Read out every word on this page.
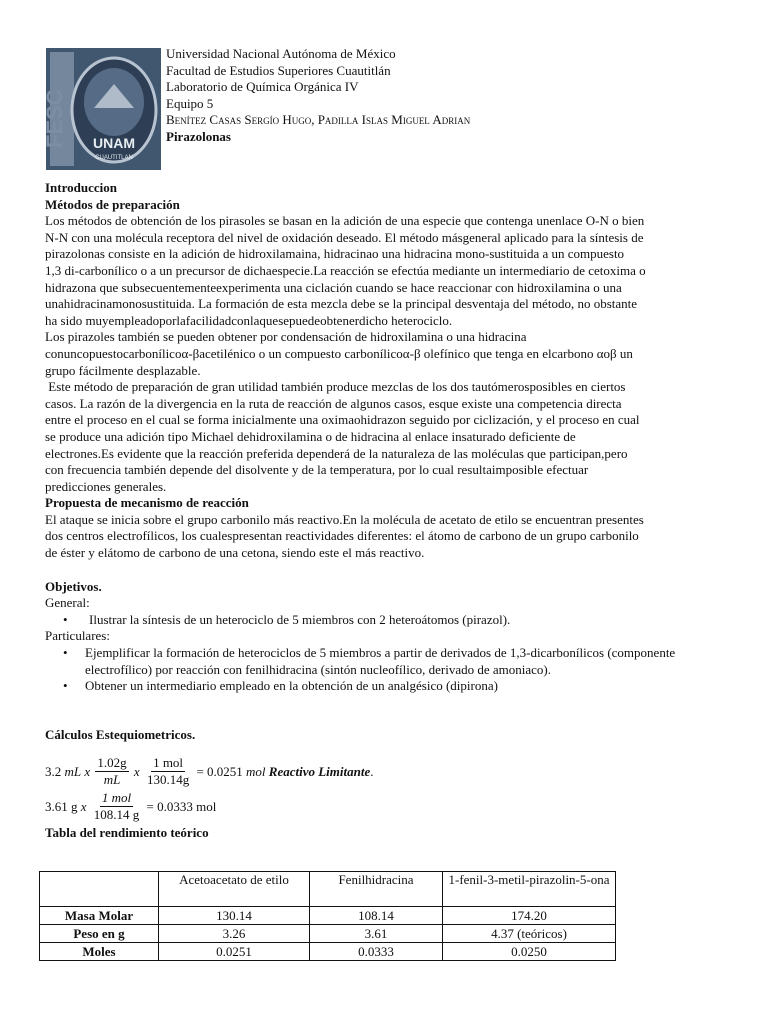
UNAM
CUAUTITLAN
FESC
Universidad Nacional Autónoma de México
Facultad de Estudios Superiores Cuautitlán
Laboratorio de Química Orgánica IV
Equipo 5
Benítez Casas Sergío Hugo, Padilla Islas Miguel Adrian
Pirazolonas

Introduccion

Métodos de preparación

Los métodos de obtención de los pirasoles se basan en la adición de una especie que contenga unenlace O-N o bien

N-N con una molécula receptora del nivel de oxidación deseado. El método másgeneral aplicado para la síntesis de

pirazolonas consiste en la adición de hidroxilamaina, hidracinao una hidracina mono-sustituida a un compuesto

1,3 di-carbonílico o a un precursor de dichaespecie.La reacción se efectúa mediante un intermediario de cetoxima o

hidrazona que subsecuentementeexperimenta una ciclación cuando se hace reaccionar con hidroxilamina o una

unahidracinamonosustituida. La formación de esta mezcla debe se la principal desventaja del método, no obstante

ha sido muyempleadoporlafacilidadconlaquesepuedeobtenerdicho heterociclo.

Los pirazoles también se pueden obtener por condensación de hidroxilamina o una hidracina

conuncopuestocarbonílicoα-βacetilénico o un compuesto carbonílicoα-β olefínico que tenga en elcarbono αoβ un

grupo fácilmente desplazable.

Este método de preparación de gran utilidad también produce mezclas de los dos tautómerosposibles en ciertos

casos. La razón de la divergencia en la ruta de reacción de algunos casos, esque existe una competencia directa

entre el proceso en el cual se forma inicialmente una oximaohidrazon seguido por ciclización, y el proceso en cual

se produce una adición tipo Michael dehidroxilamina o de hidracina al enlace insaturado deficiente de

electrones.Es evidente que la reacción preferida dependerá de la naturaleza de las moléculas que participan,pero

con frecuencia también depende del disolvente y de la temperatura, por lo cual resultaimposible efectuar

predicciones generales.

Propuesta de mecanismo de reacción

El ataque se inicia sobre el grupo carbonilo más reactivo.En la molécula de acetato de etilo se encuentran presentes

dos centros electrofílicos, los cualespresentan reactividades diferentes: el átomo de carbono de un grupo carbonilo

de éster y elátomo de carbono de una cetona, siendo este el más reactivo.

Objetivos.

General:

• Ilustrar la síntesis de un heterociclo de 5 miembros con 2 heteroátomos (pirazol).

Particulares:

• Ejemplificar la formación de heterociclos de 5 miembros a partir de derivados de 1,3-dicarbonílicos (componente electrofílico) por reacción con fenilhidracina (sintón nucleofílico, derivado de amoniaco).
• Obtener un intermediario empleado en la obtención de un analgésico (dipirona)

Cálculos Estequiometricos.

3.2 mL x $\frac{1.02g}{mL}$ x $\frac{\text{1 mol}}{130.14g} = 0.0251$ mol Reactivo Limitante .
3.61 g x $\frac{\text{1 mol}}{108.14 g} = 0.0333$ mol

Tabla del rendimiento teórico

	Acetoacetato de etilo	Fenilhidracina	1-fenil-3-metil-pirazolin-5-ona
Masa Molar	130.14	108.14	174.20
Peso en g	3.26	3.61	4.37 (teóricos)
Moles	0.0251	0.0333	0.0250
